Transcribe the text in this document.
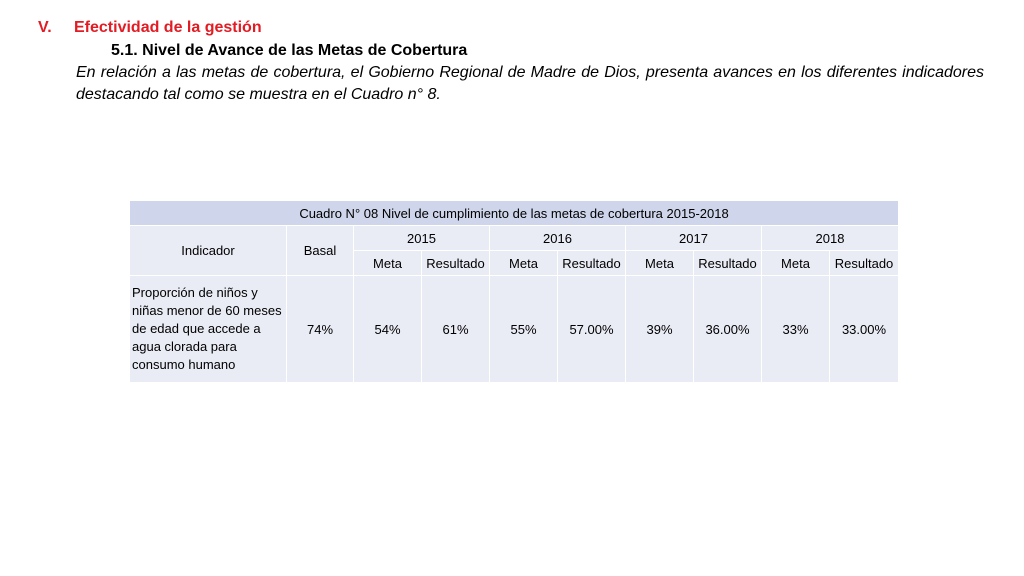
V. Efectividad de la gestión
5.1. Nivel de Avance de las Metas de Cobertura
En relación a las metas de cobertura, el Gobierno Regional de Madre de Dios, presenta avances en los diferentes indicadores destacando tal como se muestra en el Cuadro n° 8.
Cuadro N° 08 Nivel de cumplimiento de las metas de cobertura 2015-2018									
Indicador	Basal	2015		2016		2017		2018	
		Meta	Resultado	Meta	Resultado	Meta	Resultado	Meta	Resultado
Proporción de niños y niñas menor de 60 meses de edad que accede a agua clorada para consumo humano	74%	54%	61%	55%	57.00%	39%	36.00%	33%	33.00%
